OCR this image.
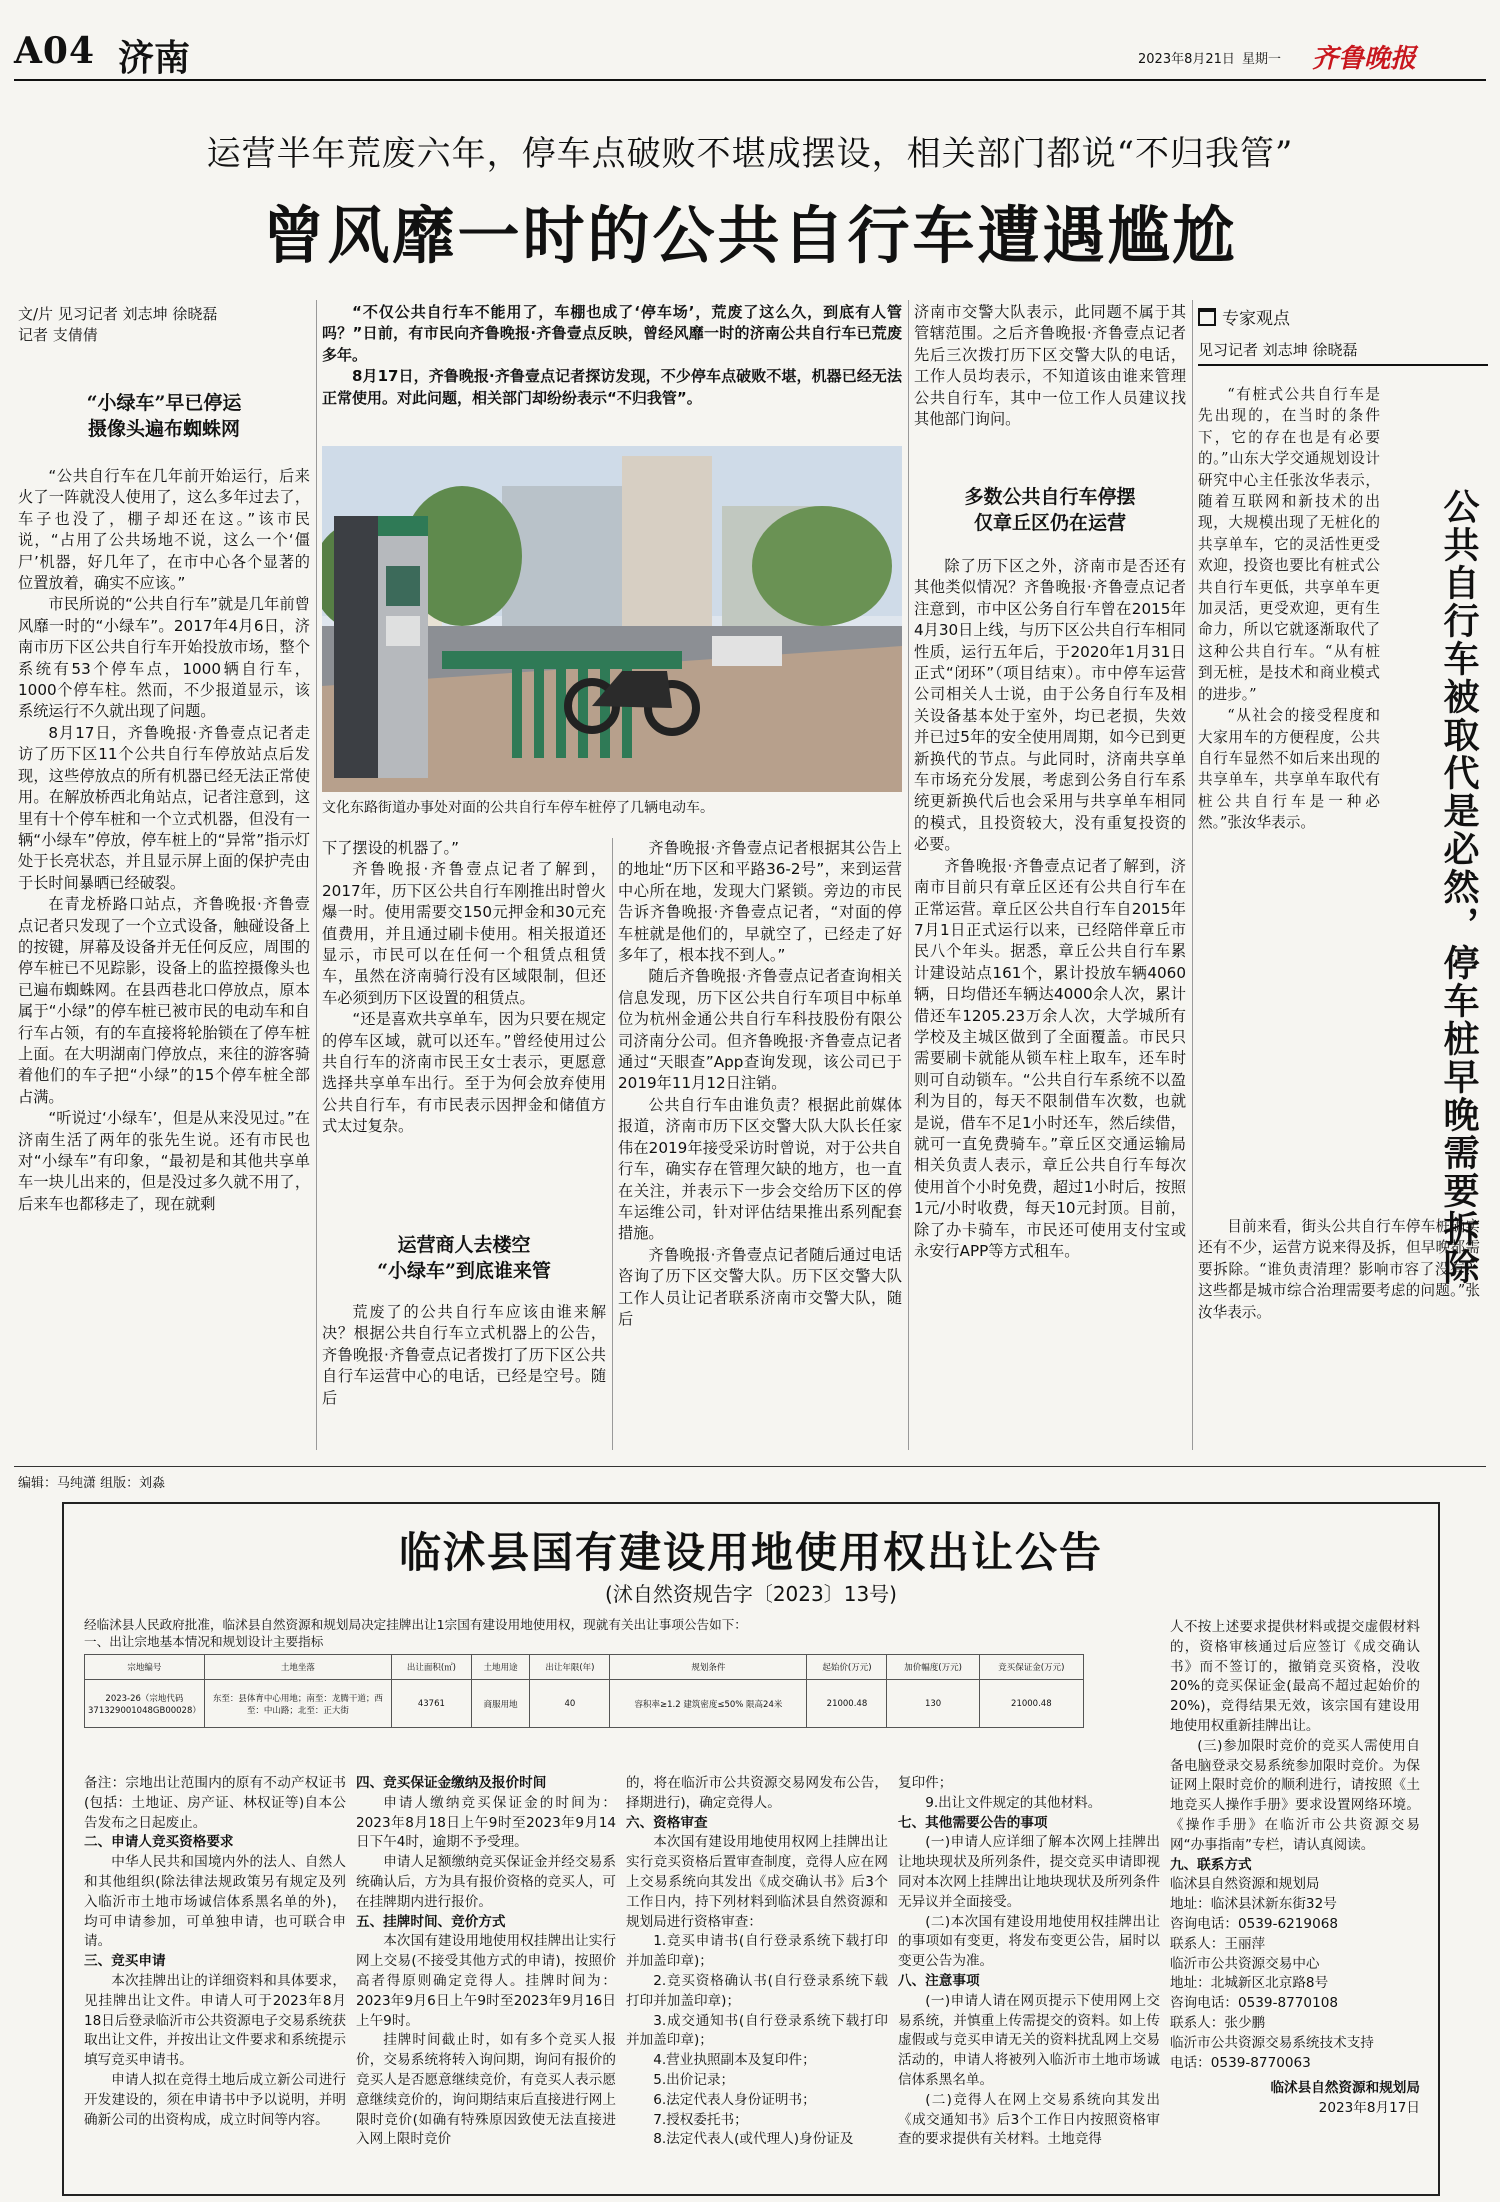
A04 济南	2023年8月21日 星期一 齐鲁晚报
运营半年荒废六年，停车点破败不堪成摆设，相关部门都说“不归我管”
曾风靡一时的公共自行车遭遇尴尬
文/片 见习记者 刘志坤 徐晓磊
记者 支倩倩
“小绿车”早已停运
摄像头遍布蜘蛛网

“公共自行车在几年前开始运行，后来火了一阵就没人使用了，这么多年过去了，车子也没了，棚子却还在这。”该市民说，“占用了公共场地不说，这么一个‘僵尸’机器，好几年了，在市中心各个显著的位置放着，确实不应该。”

市民所说的“公共自行车”就是几年前曾风靡一时的“小绿车”。2017年4月6日，济南市历下区公共自行车开始投放市场，整个系统有53个停车点，1000辆自行车，1000个停车柱。然而，不少报道显示，该系统运行不久就出现了问题。

8月17日，齐鲁晚报·齐鲁壹点记者走访了历下区11个公共自行车停放站点后发现，这些停放点的所有机器已经无法正常使用。在解放桥西北角站点，记者注意到，这里有十个停车桩和一个立式机器，但没有一辆“小绿车”停放，停车桩上的“异常”指示灯处于长亮状态，并且显示屏上面的保护壳由于长时间暴晒已经破裂。

在青龙桥路口站点，齐鲁晚报·齐鲁壹点记者只发现了一个立式设备，触碰设备上的按键，屏幕及设备并无任何反应，周围的停车桩已不见踪影，设备上的监控摄像头也已遍布蜘蛛网。在县西巷北口停放点，原本属于“小绿”的停车桩已被市民的电动车和自行车占领，有的车直接将轮胎锁在了停车桩上面。在大明湖南门停放点，来往的游客骑着他们的车子把“小绿”的15个停车桩全部占满。

“听说过‘小绿车’，但是从来没见过。”在济南生活了两年的张先生说。还有市民也对“小绿车”有印象，“最初是和其他共享单车一块儿出来的，但是没过多久就不用了，后来车也都移走了，现在就剩

“不仅公共自行车不能用了，车棚也成了‘停车场’，荒废了这么久，到底有人管吗？”日前，有市民向齐鲁晚报·齐鲁壹点反映，曾经风靡一时的济南公共自行车已荒废多年。

8月17日，齐鲁晚报·齐鲁壹点记者探访发现，不少停车点破败不堪，机器已经无法正常使用。对此问题，相关部门却纷纷表示“不归我管”。

文化东路街道办事处对面的公共自行车停车桩停了几辆电动车。

下了摆设的机器了。”

齐鲁晚报·齐鲁壹点记者了解到，2017年，历下区公共自行车刚推出时曾火爆一时。使用需要交150元押金和30元充值费用，并且通过刷卡使用。相关报道还显示，市民可以在任何一个租赁点租赁车，虽然在济南骑行没有区域限制，但还车必须到历下区设置的租赁点。

“还是喜欢共享单车，因为只要在规定的停车区域，就可以还车。”曾经使用过公共自行车的济南市民王女士表示，更愿意选择共享单车出行。至于为何会放弃使用公共自行车，有市民表示因押金和储值方式太过复杂。

运营商人去楼空
“小绿车”到底谁来管

荒废了的公共自行车应该由谁来解决？根据公共自行车立式机器上的公告，齐鲁晚报·齐鲁壹点记者拨打了历下区公共自行车运营中心的电话，已经是空号。随后

齐鲁晚报·齐鲁壹点记者根据其公告上的地址“历下区和平路36-2号”，来到运营中心所在地，发现大门紧锁。旁边的市民告诉齐鲁晚报·齐鲁壹点记者，“对面的停车桩就是他们的，早就空了，已经走了好多年了，根本找不到人。”

随后齐鲁晚报·齐鲁壹点记者查询相关信息发现，历下区公共自行车项目中标单位为杭州金通公共自行车科技股份有限公司济南分公司。但齐鲁晚报·齐鲁壹点记者通过“天眼查”App查询发现，该公司已于2019年11月12日注销。

公共自行车由谁负责？根据此前媒体报道，济南市历下区交警大队大队长任家伟在2019年接受采访时曾说，对于公共自行车，确实存在管理欠缺的地方，也一直在关注，并表示下一步会交给历下区的停车运维公司，针对评估结果推出系列配套措施。

齐鲁晚报·齐鲁壹点记者随后通过电话咨询了历下区交警大队。历下区交警大队工作人员让记者联系济南市交警大队，随后

济南市交警大队表示，此同题不属于其管辖范围。之后齐鲁晚报·齐鲁壹点记者先后三次拨打历下区交警大队的电话，工作人员均表示，不知道该由谁来管理公共自行车，其中一位工作人员建议找其他部门询问。

多数公共自行车停摆
仅章丘区仍在运营

除了历下区之外，济南市是否还有其他类似情况？齐鲁晚报·齐鲁壹点记者注意到，市中区公务自行车曾在2015年4月30日上线，与历下区公共自行车相同性质，运行五年后，于2020年1月31日正式“闭环”（项目结束）。市中停车运营公司相关人士说，由于公务自行车及相关设备基本处于室外，均已老损，失效并已过5年的安全使用周期，如今已到更新换代的节点。与此同时，济南共享单车市场充分发展，考虑到公务自行车系统更新换代后也会采用与共享单车相同的模式，且投资较大，没有重复投资的必要。

齐鲁晚报·齐鲁壹点记者了解到，济南市目前只有章丘区还有公共自行车在正常运营。章丘区公共自行车自2015年7月1日正式运行以来，已经陪伴章丘市民八个年头。据悉，章丘公共自行车累计建设站点161个，累计投放车辆4060辆，日均借还车辆达4000余人次，累计借还车1205.23万余人次，大学城所有学校及主城区做到了全面覆盖。市民只需要刷卡就能从锁车柱上取车，还车时则可自动锁车。“公共自行车系统不以盈利为目的，每天不限制借车次数，也就是说，借车不足1小时还车，然后续借，就可一直免费骑车。”章丘区交通运输局相关负责人表示，章丘公共自行车每次使用首个小时免费，超过1小时后，按照1元/小时收费，每天10元封顶。目前，除了办卡骑车，市民还可使用支付宝或永安行APP等方式租车。

专家观点
见习记者 刘志坤 徐晓磊

“有桩式公共自行车是先出现的，在当时的条件下，它的存在也是有必要的。”山东大学交通规划设计研究中心主任张汝华表示，随着互联网和新技术的出现，大规模出现了无桩化的共享单车，它的灵活性更受欢迎，投资也要比有桩式公共自行车更低，共享单车更加灵活，更受欢迎，更有生命力，所以它就逐渐取代了这种公共自行车。“从有桩到无桩，是技术和商业模式的进步。”

“从社会的接受程度和大家用车的方便程度，公共自行车显然不如后来出现的共享单车，共享单车取代有桩公共自行车是一种必然。”张汝华表示。	公共自行车被取代是必然，停车桩早晚需要拆除

目前来看，街头公共自行车停车桩确实还有不少，运营方说来得及拆，但早晚都需要拆除。“谁负责清理？影响市容了没有？这些都是城市综合治理需要考虑的问题。”张汝华表示。

编辑：马纯潇 组版：刘淼
临沭县国有建设用地使用权出让公告
(沭自然资规告字〔2023〕13号)
经临沭县人民政府批准，临沭县自然资源和规划局决定挂牌出让1宗国有建设用地使用权，现就有关出让事项公告如下：
一、出让宗地基本情况和规划设计主要指标
宗地编号	土地坐落	出让面积(㎡)	土地用途	出让年限(年)	规划条件	起始价(万元)	加价幅度(万元)	竞买保证金(万元)
2023-26（宗地代码371329001048GB00028）	东至：县体育中心用地；南至：龙腾干道；西至：中山路；北至：正大街	43761	商服用地	40	容积率≥1.2 建筑密度≤50% 限高24米	21000.48	130	21000.48

备注：宗地出让范围内的原有不动产权证书(包括：土地证、房产证、林权证等)自本公告发布之日起废止。

二、申请人竞买资格要求

中华人民共和国境内外的法人、自然人和其他组织(除法律法规政策另有规定及列入临沂市土地市场诚信体系黑名单的外)，均可申请参加，可单独申请，也可联合申请。

三、竞买申请

本次挂牌出让的详细资料和具体要求，见挂牌出让文件。申请人可于2023年8月18日后登录临沂市公共资源电子交易系统获取出让文件，并按出让文件要求和系统提示填写竞买申请书。

申请人拟在竞得土地后成立新公司进行开发建设的，须在申请书中予以说明，并明确新公司的出资构成，成立时间等内容。

四、竞买保证金缴纳及报价时间

申请人缴纳竞买保证金的时间为：2023年8月18日上午9时至2023年9月14日下午4时，逾期不予受理。

申请人足额缴纳竞买保证金并经交易系统确认后，方为具有报价资格的竞买人，可在挂牌期内进行报价。

五、挂牌时间、竞价方式

本次国有建设用地使用权挂牌出让实行网上交易(不接受其他方式的申请)，按照价高者得原则确定竞得人。挂牌时间为：2023年9月6日上午9时至2023年9月16日上午9时。

挂牌时间截止时，如有多个竞买人报价，交易系统将转入询问期，询问有报价的竞买人是否愿意继续竞价，有竞买人表示愿意继续竞价的，询问期结束后直接进行网上限时竞价(如确有特殊原因致使无法直接进入网上限时竞价

的，将在临沂市公共资源交易网发布公告，择期进行)，确定竞得人。

六、资格审查

本次国有建设用地使用权网上挂牌出让实行竞买资格后置审查制度，竞得人应在网上交易系统向其发出《成交确认书》后3个工作日内，持下列材料到临沭县自然资源和规划局进行资格审查：

1.竞买申请书(自行登录系统下载打印并加盖印章)；

2.竞买资格确认书(自行登录系统下载打印并加盖印章)；

3.成交通知书(自行登录系统下载打印并加盖印章)；

4.营业执照副本及复印件；

5.出价记录；

6.法定代表人身份证明书；

7.授权委托书；

8.法定代表人(或代理人)身份证及

复印件；

9.出让文件规定的其他材料。

七、其他需要公告的事项

(一)申请人应详细了解本次网上挂牌出让地块现状及所列条件，提交竞买申请即视同对本次网上挂牌出让地块现状及所列条件无异议并全面接受。

(二)本次国有建设用地使用权挂牌出让的事项如有变更，将发布变更公告，届时以变更公告为准。

八、注意事项

(一)申请人请在网页提示下使用网上交易系统，并慎重上传需提交的资料。如上传虚假或与竞买申请无关的资料扰乱网上交易活动的，申请人将被列入临沂市土地市场诚信体系黑名单。

(二)竞得人在网上交易系统向其发出《成交通知书》后3个工作日内按照资格审查的要求提供有关材料。土地竞得

人不按上述要求提供材料或提交虚假材料的，资格审核通过后应签订《成交确认书》而不签订的，撤销竞买资格，没收20%的竞买保证金(最高不超过起始价的20%)，竞得结果无效，该宗国有建设用地使用权重新挂牌出让。

(三)参加限时竞价的竞买人需使用自备电脑登录交易系统参加限时竞价。为保证网上限时竞价的顺利进行，请按照《土地竞买人操作手册》要求设置网络环境。《操作手册》在临沂市公共资源交易网“办事指南”专栏，请认真阅读。

九、联系方式

临沭县自然资源和规划局

地址：临沭县沭新东街32号

咨询电话：0539-6219068

联系人：王丽萍

临沂市公共资源交易中心

地址：北城新区北京路8号

咨询电话：0539-8770108

联系人：张少鹏

临沂市公共资源交易系统技术支持

电话：0539-8770063

临沭县自然资源和规划局

2023年8月17日
